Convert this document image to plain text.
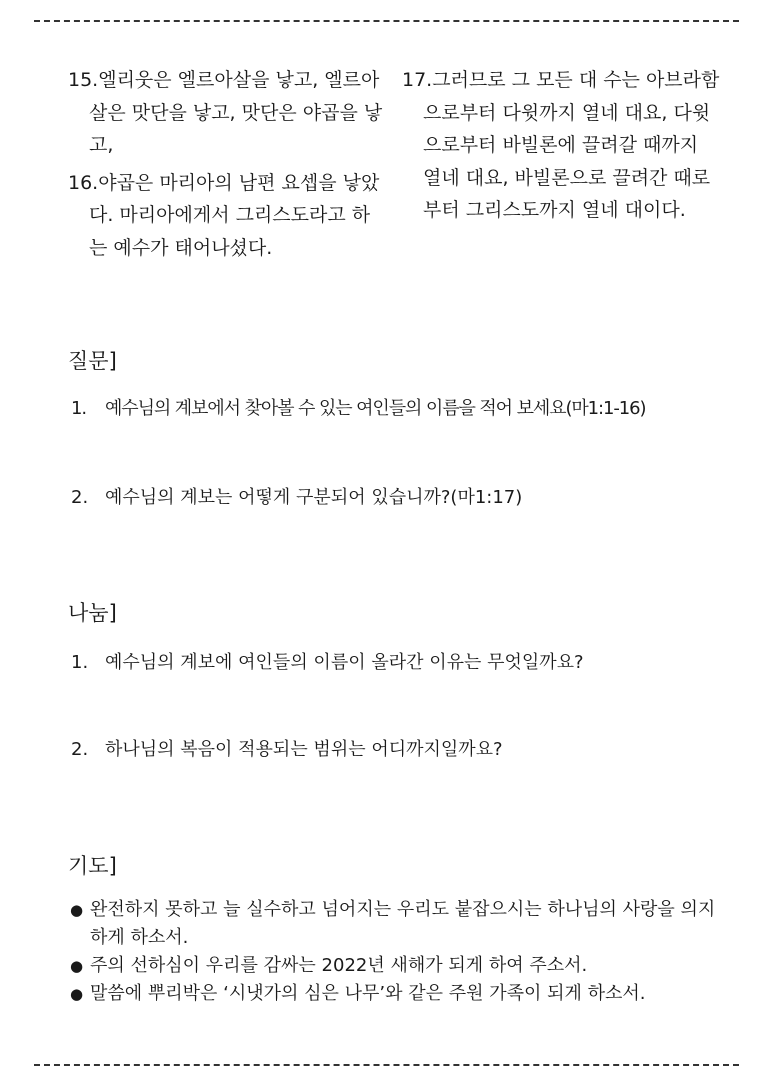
15.엘리웃은 엘르아살을 낳고, 엘르아살은 맛단을 낳고, 맛단은 야곱을 낳고,

16.야곱은 마리아의 남편 요셉을 낳았다. 마리아에게서 그리스도라고 하는 예수가 태어나셨다.

17.그러므로 그 모든 대 수는 아브라함으로부터 다윗까지 열네 대요, 다윗으로부터 바빌론에 끌려갈 때까지 열네 대요, 바빌론으로 끌려간 때로부터 그리스도까지 열네 대이다.

질문]
1. 예수님의 계보에서 찾아볼 수 있는 여인들의 이름을 적어 보세요(마1:1-16)
2. 예수님의 계보는 어떻게 구분되어 있습니까?(마1:17)
나눔]
1. 예수님의 계보에 여인들의 이름이 올라간 이유는 무엇일까요?
2. 하나님의 복음이 적용되는 범위는 어디까지일까요?
기도]
● 완전하지 못하고 늘 실수하고 넘어지는 우리도 붙잡으시는 하나님의 사랑을 의지하게 하소서.
● 주의 선하심이 우리를 감싸는 2022년 새해가 되게 하여 주소서.
● 말씀에 뿌리박은 ‘시냇가의 심은 나무’와 같은 주원 가족이 되게 하소서.
